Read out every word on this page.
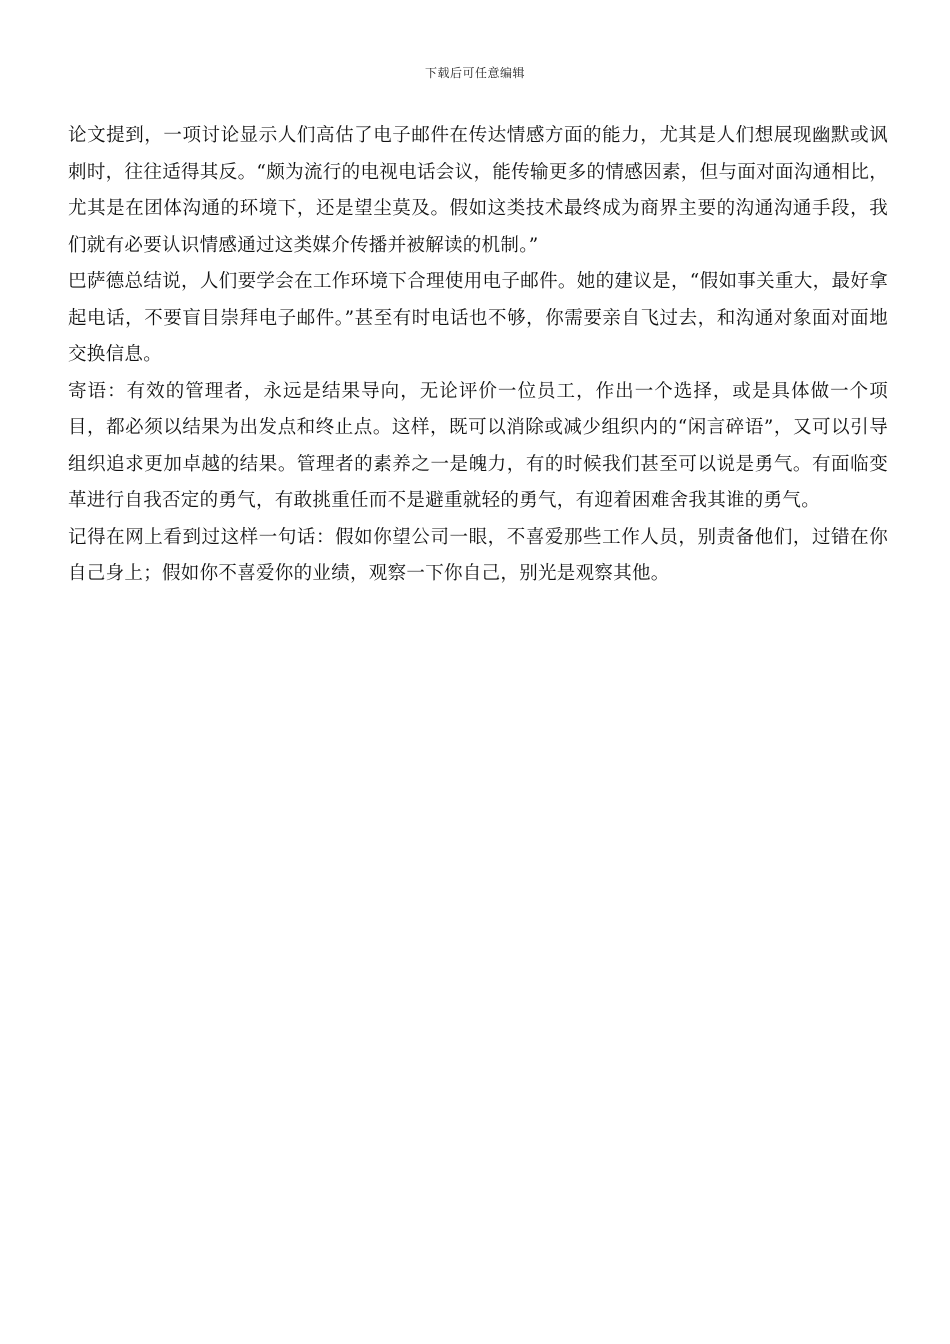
下载后可任意编辑

论文提到，一项讨论显示人们高估了电子邮件在传达情感方面的能力，尤其是人们想展现幽默或讽刺时，往往适得其反。“颇为流行的电视电话会议，能传输更多的情感因素，但与面对面沟通相比，尤其是在团体沟通的环境下，还是望尘莫及。假如这类技术最终成为商界主要的沟通沟通手段，我们就有必要认识情感通过这类媒介传播并被解读的机制。”

巴萨德总结说，人们要学会在工作环境下合理使用电子邮件。她的建议是，“假如事关重大，最好拿起电话，不要盲目崇拜电子邮件。”甚至有时电话也不够，你需要亲自飞过去，和沟通对象面对面地交换信息。

寄语：有效的管理者，永远是结果导向，无论评价一位员工，作出一个选择，或是具体做一个项目，都必须以结果为出发点和终止点。这样，既可以消除或减少组织内的“闲言碎语”，又可以引导组织追求更加卓越的结果。管理者的素养之一是魄力，有的时候我们甚至可以说是勇气。有面临变革进行自我否定的勇气，有敢挑重任而不是避重就轻的勇气，有迎着困难舍我其谁的勇气。

记得在网上看到过这样一句话：假如你望公司一眼，不喜爱那些工作人员，别责备他们，过错在你自己身上；假如你不喜爱你的业绩，观察一下你自己，别光是观察其他。
